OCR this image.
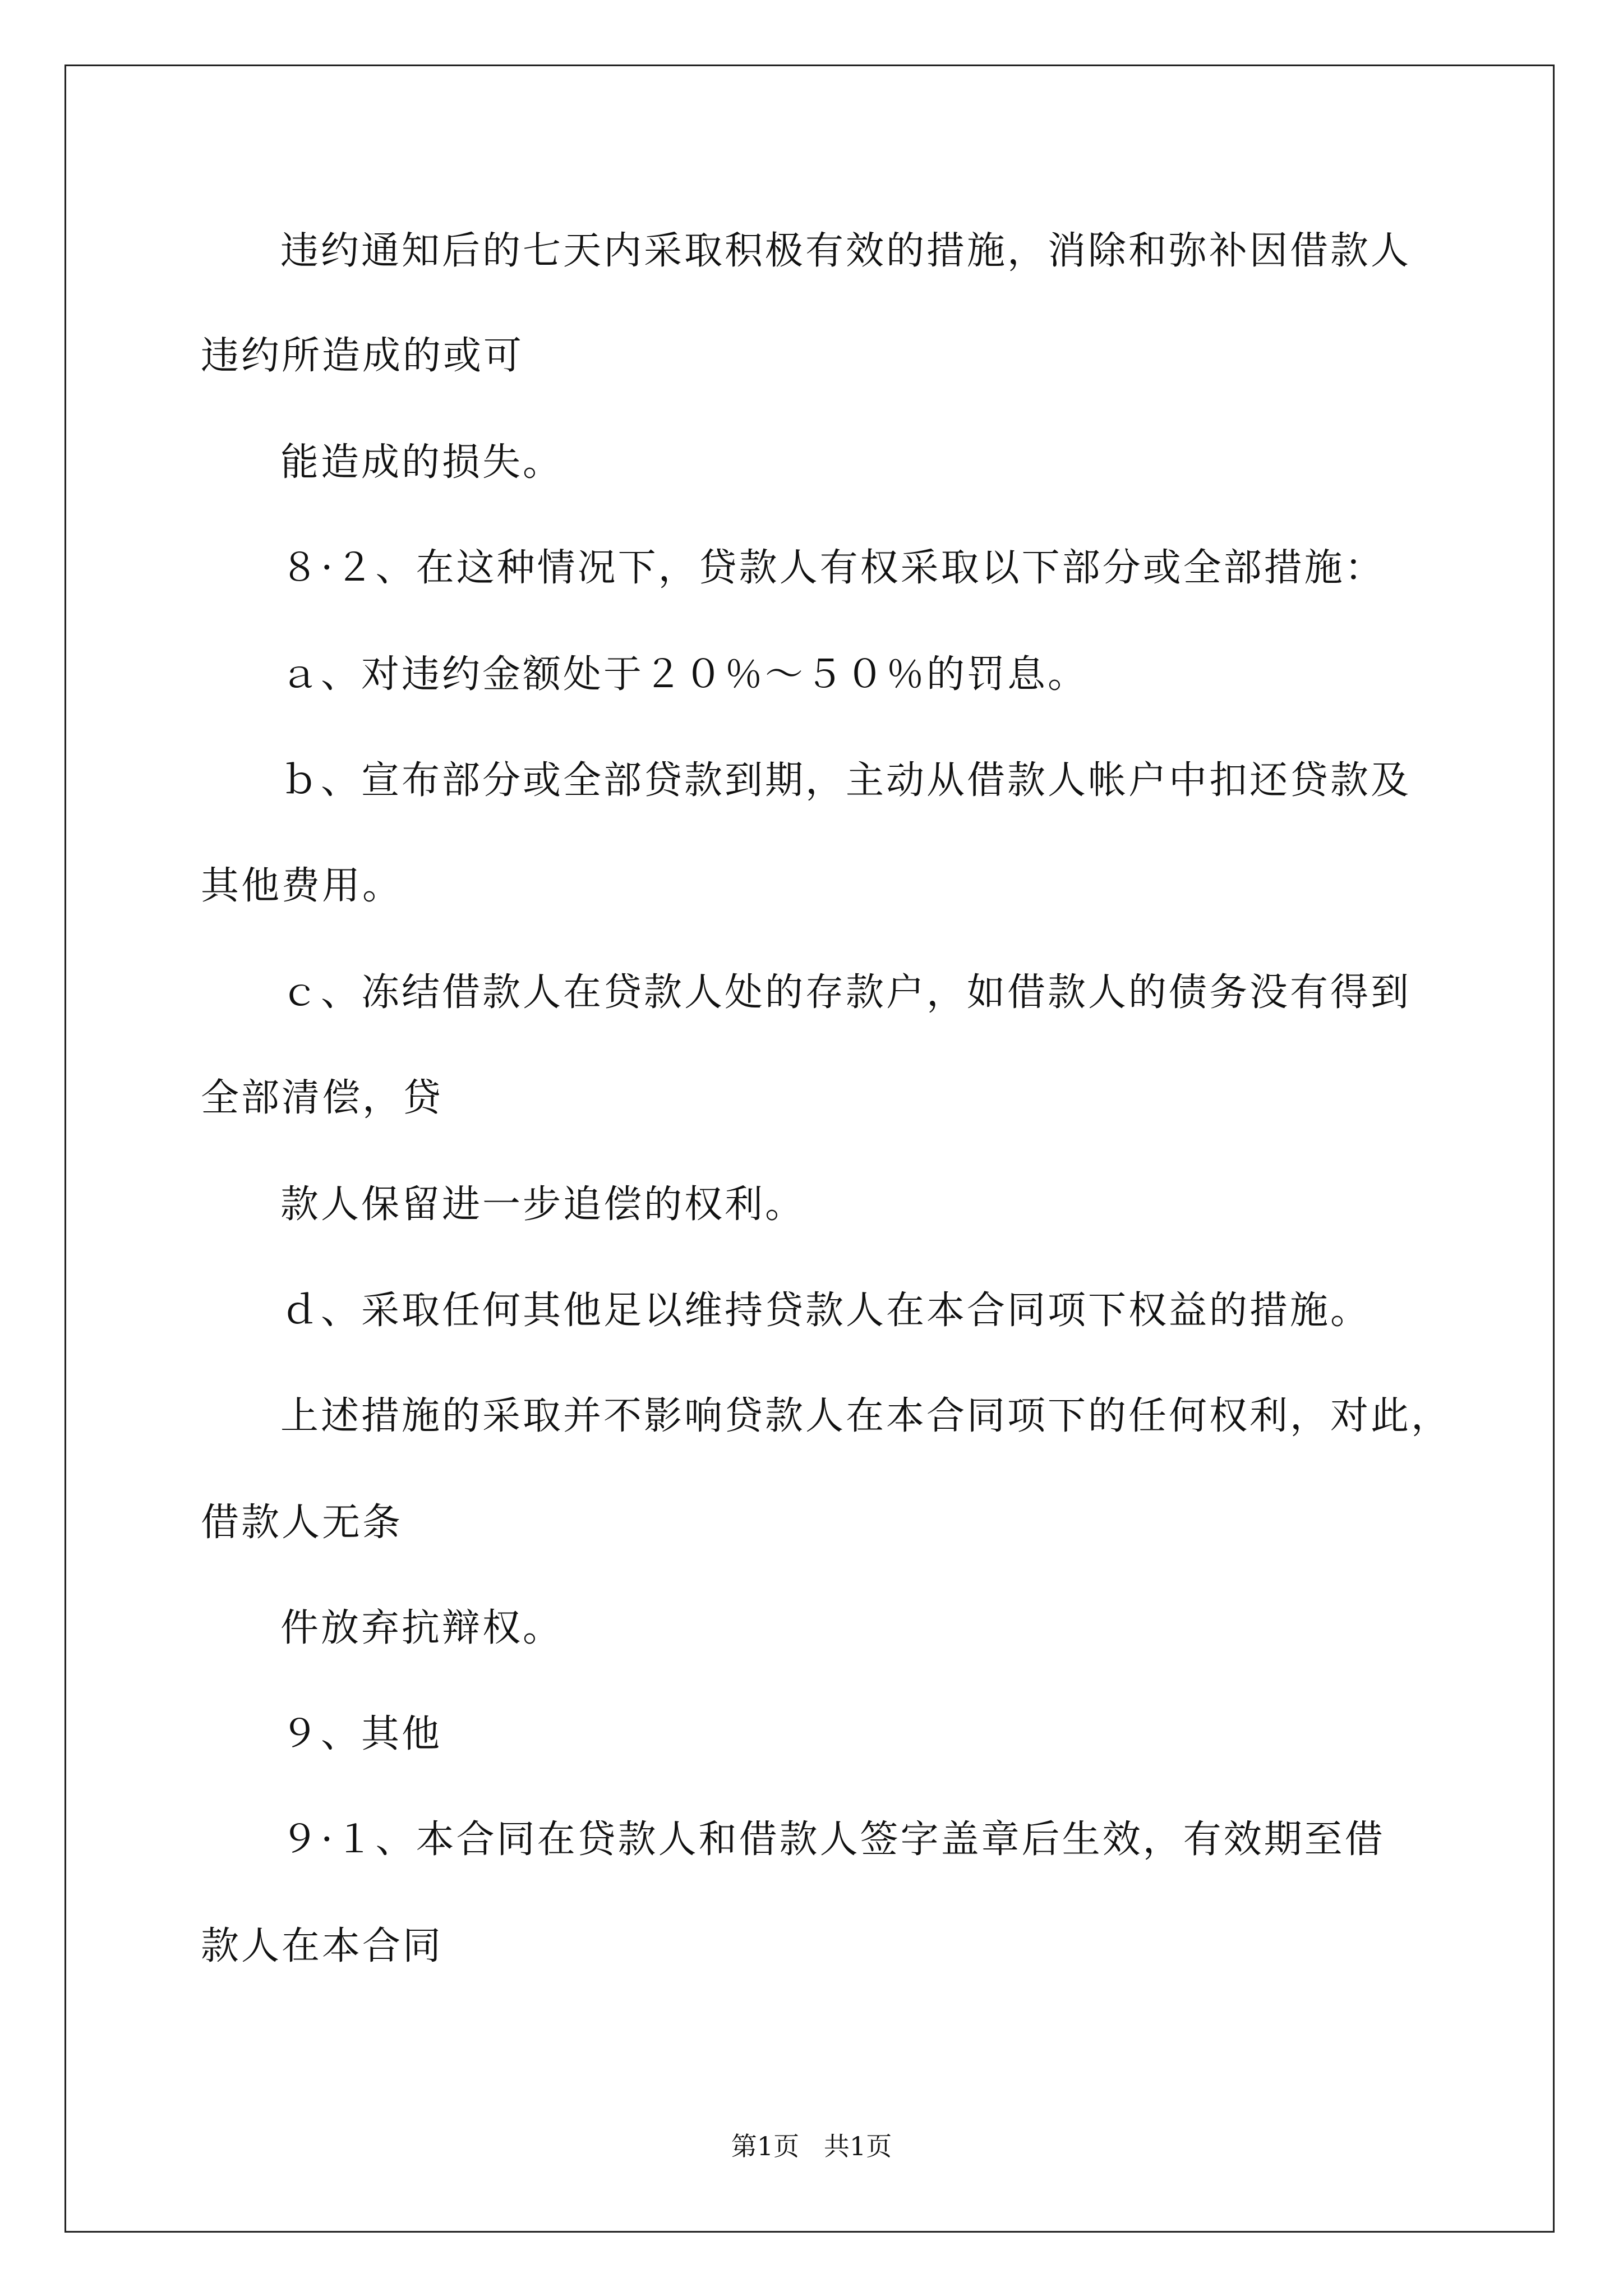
违约通知后的七天内采取积极有效的措施，消除和弥补因借款人
违约所造成的或可
能造成的损失。
８·２、在这种情况下，贷款人有权采取以下部分或全部措施：
ａ、对违约金额处于２０％～５０％的罚息。
ｂ、宣布部分或全部贷款到期，主动从借款人帐户中扣还贷款及
其他费用。
ｃ、冻结借款人在贷款人处的存款户，如借款人的债务没有得到
全部清偿，贷
款人保留进一步追偿的权利。
ｄ、采取任何其他足以维持贷款人在本合同项下权益的措施。
上述措施的采取并不影响贷款人在本合同项下的任何权利，对此，
借款人无条
件放弃抗辩权。
９、其他
９·１、本合同在贷款人和借款人签字盖章后生效，有效期至借
款人在本合同
第1页   共1页
